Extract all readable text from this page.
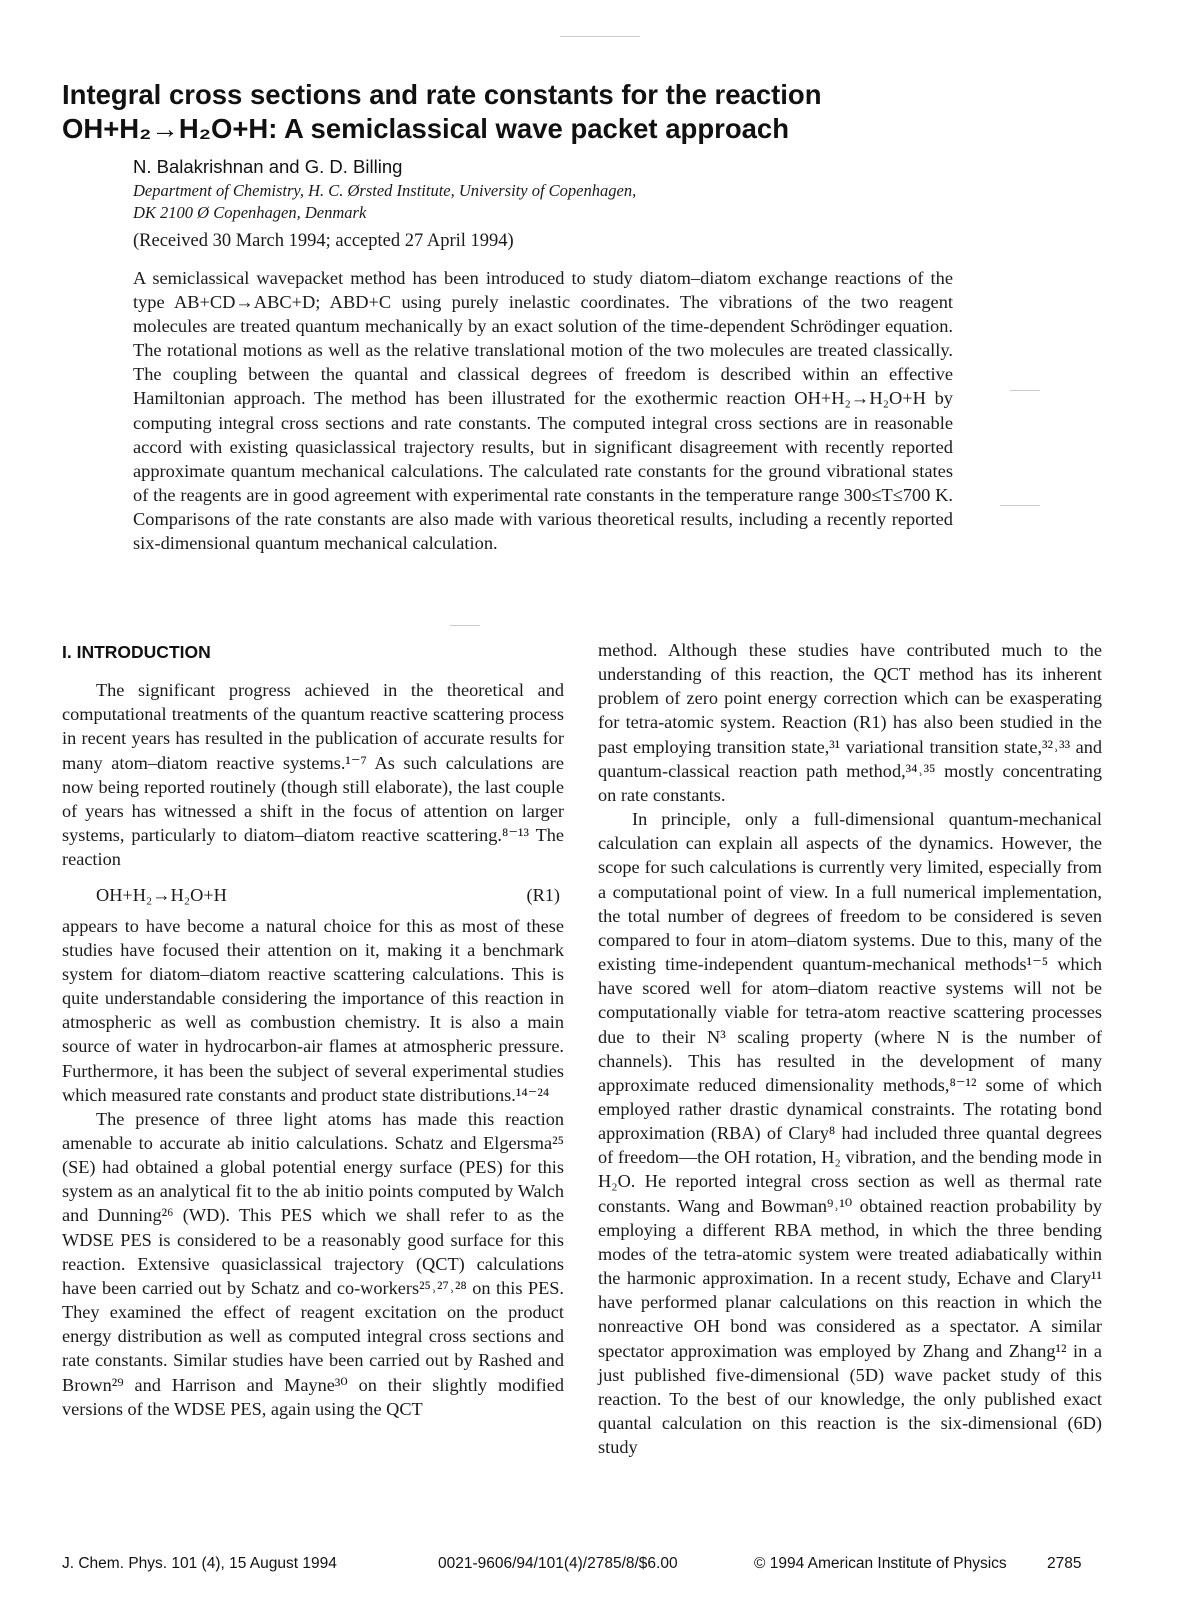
Integral cross sections and rate constants for the reaction
OH+H₂→H₂O+H: A semiclassical wave packet approach
N. Balakrishnan and G. D. Billing
Department of Chemistry, H. C. Ørsted Institute, University of Copenhagen,
DK 2100 Ø Copenhagen, Denmark
(Received 30 March 1994; accepted 27 April 1994)

A semiclassical wavepacket method has been introduced to study diatom–diatom exchange reactions of the type AB+CD→ABC+D; ABD+C using purely inelastic coordinates. The vibrations of the two reagent molecules are treated quantum mechanically by an exact solution of the time-dependent Schrödinger equation. The rotational motions as well as the relative translational motion of the two molecules are treated classically. The coupling between the quantal and classical degrees of freedom is described within an effective Hamiltonian approach. The method has been illustrated for the exothermic reaction OH+H₂→H₂O+H by computing integral cross sections and rate constants. The computed integral cross sections are in reasonable accord with existing quasiclassical trajectory results, but in significant disagreement with recently reported approximate quantum mechanical calculations. The calculated rate constants for the ground vibrational states of the reagents are in good agreement with experimental rate constants in the temperature range 300≤T≤700 K. Comparisons of the rate constants are also made with various theoretical results, including a recently reported six-dimensional quantum mechanical calculation.

I. INTRODUCTION

The significant progress achieved in the theoretical and computational treatments of the quantum reactive scattering process in recent years has resulted in the publication of accurate results for many atom–diatom reactive systems.¹⁻⁷ As such calculations are now being reported routinely (though still elaborate), the last couple of years has witnessed a shift in the focus of attention on larger systems, particularly to diatom–diatom reactive scattering.⁸⁻¹³ The reaction

OH+H₂→H₂O+H	(R1)

appears to have become a natural choice for this as most of these studies have focused their attention on it, making it a benchmark system for diatom–diatom reactive scattering calculations. This is quite understandable considering the importance of this reaction in atmospheric as well as combustion chemistry. It is also a main source of water in hydrocarbon-air flames at atmospheric pressure. Furthermore, it has been the subject of several experimental studies which measured rate constants and product state distributions.¹⁴⁻²⁴

The presence of three light atoms has made this reaction amenable to accurate ab initio calculations. Schatz and Elgersma²⁵ (SE) had obtained a global potential energy surface (PES) for this system as an analytical fit to the ab initio points computed by Walch and Dunning²⁶ (WD). This PES which we shall refer to as the WDSE PES is considered to be a reasonably good surface for this reaction. Extensive quasiclassical trajectory (QCT) calculations have been carried out by Schatz and co-workers²⁵˒²⁷˒²⁸ on this PES. They examined the effect of reagent excitation on the product energy distribution as well as computed integral cross sections and rate constants. Similar studies have been carried out by Rashed and Brown²⁹ and Harrison and Mayne³⁰ on their slightly modified versions of the WDSE PES, again using the QCT

method. Although these studies have contributed much to the understanding of this reaction, the QCT method has its inherent problem of zero point energy correction which can be exasperating for tetra-atomic system. Reaction (R1) has also been studied in the past employing transition state,³¹ variational transition state,³²˒³³ and quantum-classical reaction path method,³⁴˒³⁵ mostly concentrating on rate constants.

In principle, only a full-dimensional quantum-mechanical calculation can explain all aspects of the dynamics. However, the scope for such calculations is currently very limited, especially from a computational point of view. In a full numerical implementation, the total number of degrees of freedom to be considered is seven compared to four in atom–diatom systems. Due to this, many of the existing time-independent quantum-mechanical methods¹⁻⁵ which have scored well for atom–diatom reactive systems will not be computationally viable for tetra-atom reactive scattering processes due to their N³ scaling property (where N is the number of channels). This has resulted in the development of many approximate reduced dimensionality methods,⁸⁻¹² some of which employed rather drastic dynamical constraints. The rotating bond approximation (RBA) of Clary⁸ had included three quantal degrees of freedom—the OH rotation, H₂ vibration, and the bending mode in H₂O. He reported integral cross section as well as thermal rate constants. Wang and Bowman⁹˒¹⁰ obtained reaction probability by employing a different RBA method, in which the three bending modes of the tetra-atomic system were treated adiabatically within the harmonic approximation. In a recent study, Echave and Clary¹¹ have performed planar calculations on this reaction in which the nonreactive OH bond was considered as a spectator. A similar spectator approximation was employed by Zhang and Zhang¹² in a just published five-dimensional (5D) wave packet study of this reaction. To the best of our knowledge, the only published exact quantal calculation on this reaction is the six-dimensional (6D) study

J. Chem. Phys. 101 (4), 15 August 1994	0021-9606/94/101(4)/2785/8/$6.00	© 1994 American Institute of Physics	2785
